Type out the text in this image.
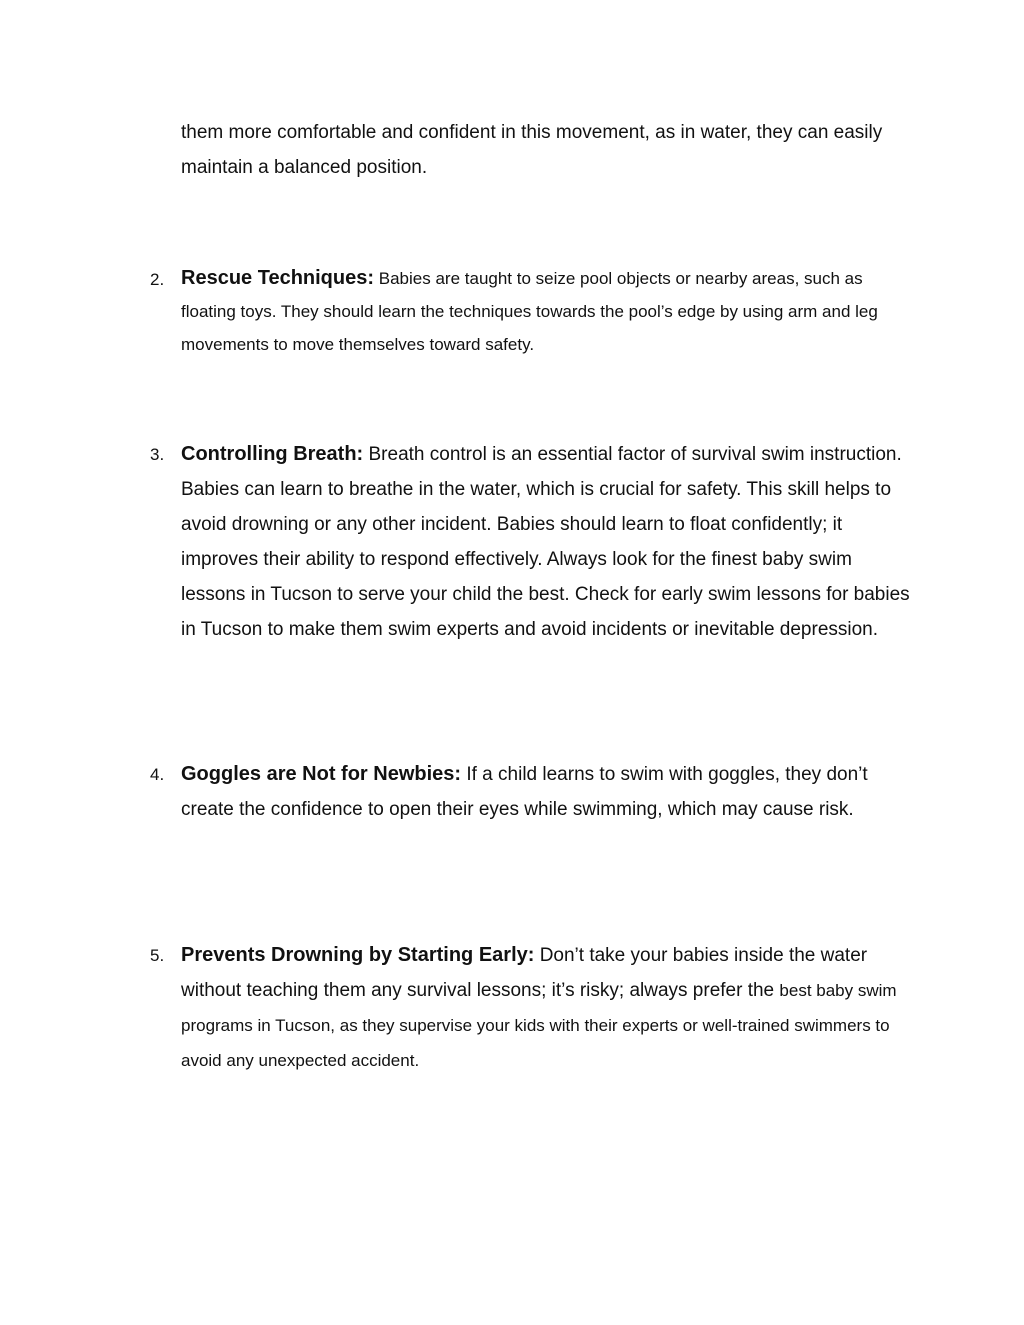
them more comfortable and confident in this movement, as in water, they can easily maintain a balanced position.

2. Rescue Techniques: Babies are taught to seize pool objects or nearby areas, such as floating toys. They should learn the techniques towards the pool’s edge by using arm and leg movements to move themselves toward safety.

3. Controlling Breath: Breath control is an essential factor of survival swim instruction. Babies can learn to breathe in the water, which is crucial for safety. This skill helps to avoid drowning or any other incident. Babies should learn to float confidently; it improves their ability to respond effectively. Always look for the finest baby swim lessons in Tucson to serve your child the best. Check for early swim lessons for babies in Tucson to make them swim experts and avoid incidents or inevitable depression.

4. Goggles are Not for Newbies: If a child learns to swim with goggles, they don’t create the confidence to open their eyes while swimming, which may cause risk.

5. Prevents Drowning by Starting Early: Don’t take your babies inside the water without teaching them any survival lessons; it’s risky; always prefer the best baby swim programs in Tucson, as they supervise your kids with their experts or well-trained swimmers to avoid any unexpected accident.
